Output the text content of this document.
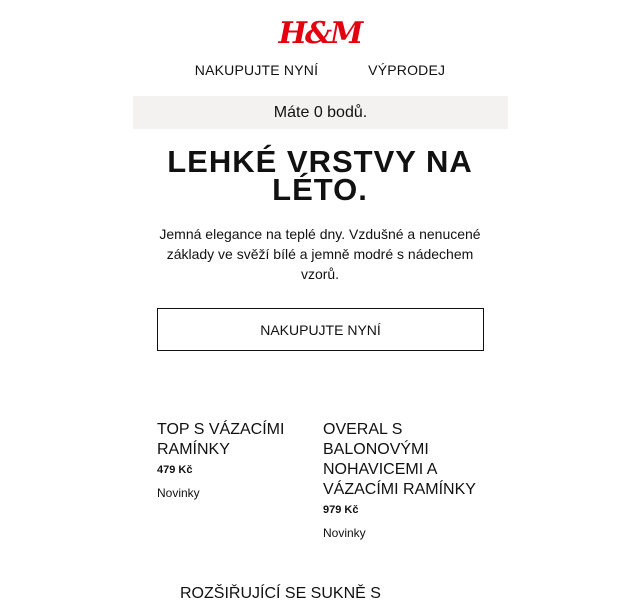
H&M
NAKUPUJTE NYNÍ	VÝPRODEJ
Máte 0 bodů.
LEHKÉ VRSTVY NA LÉTO.

Jemná elegance na teplé dny. Vzdušné a nenucené základy ve svěží bílé a jemně modré s nádechem vzorů.

NAKUPUJTE NYNÍ
TOP S VÁZACÍMI RAMÍNKY
479 Kč
Novinky
OVERAL S BALONOVÝMI NOHAVICEMI A VÁZACÍMI RAMÍNKY
979 Kč
Novinky
ROZŠIŘUJÍCÍ SE SUKNĚ S
